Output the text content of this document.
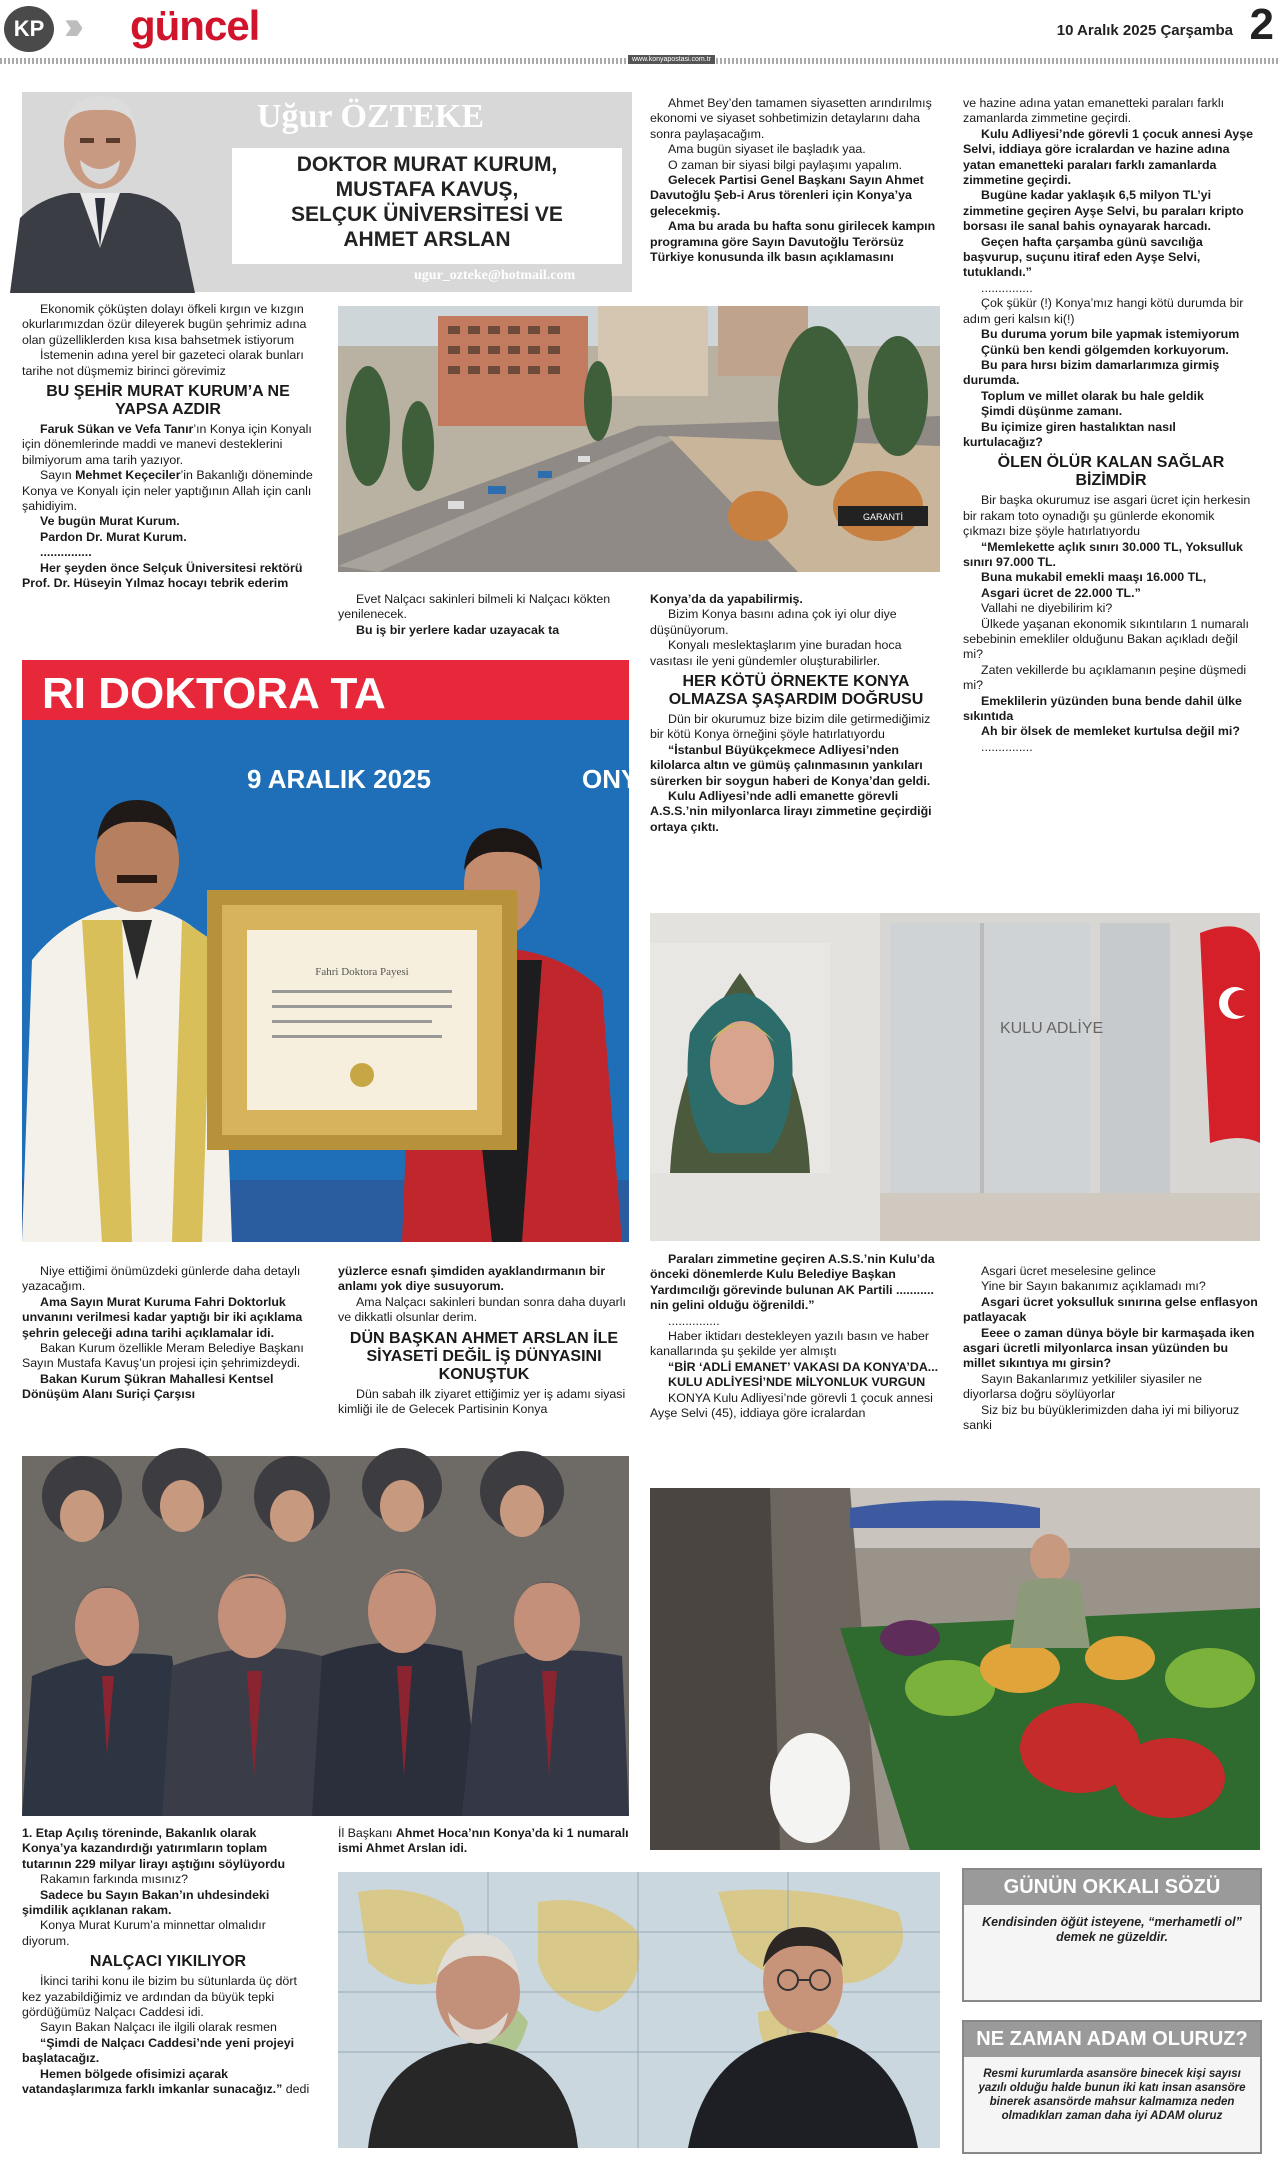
KP ››› güncel	10 Aralık 2025 Çarşamba 2
www.konyapostasi.com.tr
Uğur ÖZTEKE
DOKTOR MURAT KURUM,
MUSTAFA KAVUŞ,
SELÇUK ÜNİVERSİTESİ VE
AHMET ARSLAN
ugur_ozteke@hotmail.com

Ekonomik çöküşten dolayı öfkeli kırgın ve kızgın okurlarımızdan özür dileyerek bugün şehrimiz adına olan güzelliklerden kısa kısa bahsetmek istiyorum

İstemenin adına yerel bir gazeteci olarak bunları tarihe not düşmemiz birinci görevimiz

BU ŞEHİR MURAT KURUM’A NE YAPSA AZDIR

Faruk Sükan ve Vefa Tanır’ın Konya için Konyalı için dönemlerinde maddi ve manevi desteklerini bilmiyorum ama tarih yazıyor.

Sayın Mehmet Keçeciler’in Bakanlığı döneminde Konya ve Konyalı için neler yaptığının Allah için canlı şahidiyim.

Ve bugün Murat Kurum.

Pardon Dr. Murat Kurum.

...............

Her şeyden önce Selçuk Üniversitesi rektörü Prof. Dr. Hüseyin Yılmaz hocayı tebrik ederim

Ahmet Bey’den tamamen siyasetten arındırılmış ekonomi ve siyaset sohbetimizin detaylarını daha sonra paylaşacağım.

Ama bugün siyaset ile başladık yaa.

O zaman bir siyasi bilgi paylaşımı yapalım.

Gelecek Partisi Genel Başkanı Sayın Ahmet Davutoğlu Şeb-i Arus törenleri için Konya’ya gelecekmiş.

Ama bu arada bu hafta sonu girilecek kampın programına göre Sayın Davutoğlu Terörsüz Türkiye konusunda ilk basın açıklamasını

ve hazine adına yatan emanetteki paraları farklı zamanlarda zimmetine geçirdi.

Kulu Adliyesi’nde görevli 1 çocuk annesi Ayşe Selvi, iddiaya göre icralardan ve hazine adına yatan emanetteki paraları farklı zamanlarda zimmetine geçirdi.

Bugüne kadar yaklaşık 6,5 milyon TL’yi zimmetine geçiren Ayşe Selvi, bu paraları kripto borsası ile sanal bahis oynayarak harcadı.

Geçen hafta çarşamba günü savcılığa başvurup, suçunu itiraf eden Ayşe Selvi, tutuklandı.”

...............

Çok şükür (!) Konya’mız hangi kötü durumda bir adım geri kalsın ki(!)

Bu duruma yorum bile yapmak istemiyorum

Çünkü ben kendi gölgemden korkuyorum.

Bu para hırsı bizim damarlarımıza girmiş durumda.

Toplum ve millet olarak bu hale geldik

Şimdi düşünme zamanı.

Bu içimize giren hastalıktan nasıl kurtulacağız?

ÖLEN ÖLÜR KALAN SAĞLAR BİZİMDİR

Bir başka okurumuz ise asgari ücret için herkesin bir rakam toto oynadığı şu günlerde ekonomik çıkmazı bize şöyle hatırlatıyordu

“Memlekette açlık sınırı 30.000 TL, Yoksulluk sınırı 97.000 TL.

Buna mukabil emekli maaşı 16.000 TL,

Asgari ücret de 22.000 TL.”

Vallahi ne diyebilirim ki?

Ülkede yaşanan ekonomik sıkıntıların 1 numaralı sebebinin emekliler olduğunu Bakan açıkladı değil mi?

Zaten vekillerde bu açıklamanın peşine düşmedi mi?

Emeklilerin yüzünden buna bende dahil ülke sıkıntıda

Ah bir ölsek de memleket kurtulsa değil mi?

...............

GARANTİ

Evet Nalçacı sakinleri bilmeli ki Nalçacı kökten yenilenecek.

Bu iş bir yerlere kadar uzayacak ta

Konya’da da yapabilirmiş.

Bizim Konya basını adına çok iyi olur diye düşünüyorum.

Konyalı meslektaşlarım yine buradan hoca vasıtası ile yeni gündemler oluşturabilirler.

HER KÖTÜ ÖRNEKTE KONYA OLMAZSA ŞAŞARDIM DOĞRUSU

Dün bir okurumuz bize bizim dile getirmediğimiz bir kötü Konya örneğini şöyle hatırlatıyordu

“İstanbul Büyükçekmece Adliyesi’nden kilolarca altın ve gümüş çalınmasının yankıları sürerken bir soygun haberi de Konya’dan geldi.

Kulu Adliyesi’nde adli emanette görevli A.S.S.’nin milyonlarca lirayı zimmetine geçirdiği ortaya çıktı.

RI DOKTORA TA
9 ARALIK 2025	ONY
Fahri Doktora Payesi
KULU ADLİYE

Niye ettiğimi önümüzdeki günlerde daha detaylı yazacağım.

Ama Sayın Murat Kuruma Fahri Doktorluk unvanını verilmesi kadar yaptığı bir iki açıklama şehrin geleceği adına tarihi açıklamalar idi.

Bakan Kurum özellikle Meram Belediye Başkanı Sayın Mustafa Kavuş’un projesi için şehrimizdeydi.

Bakan Kurum Şükran Mahallesi Kentsel Dönüşüm Alanı Suriçi Çarşısı

yüzlerce esnafı şimdiden ayaklandırmanın bir anlamı yok diye susuyorum.

Ama Nalçacı sakinleri bundan sonra daha duyarlı ve dikkatli olsunlar derim.

DÜN BAŞKAN AHMET ARSLAN İLE SİYASETİ DEĞİL İŞ DÜNYASINI KONUŞTUK

Dün sabah ilk ziyaret ettiğimiz yer iş adamı siyasi kimliği ile de Gelecek Partisinin Konya

Paraları zimmetine geçiren A.S.S.’nin Kulu’da önceki dönemlerde Kulu Belediye Başkan Yardımcılığı görevinde bulunan AK Partili ........... nin gelini olduğu öğrenildi.”

...............

Haber iktidarı destekleyen yazılı basın ve haber kanallarında şu şekilde yer almıştı

“BİR ‘ADLİ EMANET’ VAKASI DA KONYA’DA...

KULU ADLİYESİ’NDE MİLYONLUK VURGUN

KONYA Kulu Adliyesi’nde görevli 1 çocuk annesi Ayşe Selvi (45), iddiaya göre icralardan

Asgari ücret meselesine gelince

Yine bir Sayın bakanımız açıklamadı mı?

Asgari ücret yoksulluk sınırına gelse enflasyon patlayacak

Eeee o zaman dünya böyle bir karmaşada iken asgari ücretli milyonlarca insan yüzünden bu millet sıkıntıya mı girsin?

Sayın Bakanlarımız yetkililer siyasiler ne diyorlarsa doğru söylüyorlar

Siz biz bu büyüklerimizden daha iyi mi biliyoruz sanki

1. Etap Açılış töreninde, Bakanlık olarak Konya’ya kazandırdığı yatırımların toplam tutarının 229 milyar lirayı aştığını söylüyordu

Rakamın farkında mısınız?

Sadece bu Sayın Bakan’ın uhdesindeki şimdilik açıklanan rakam.

Konya Murat Kurum’a minnettar olmalıdır diyorum.

NALÇACI YIKILIYOR

İkinci tarihi konu ile bizim bu sütunlarda üç dört kez yazabildiğimiz ve ardından da büyük tepki gördüğümüz Nalçacı Caddesi idi.

Sayın Bakan Nalçacı ile ilgili olarak resmen

“Şimdi de Nalçacı Caddesi’nde yeni projeyi başlatacağız.

Hemen bölgede ofisimizi açarak vatandaşlarımıza farklı imkanlar sunacağız.” dedi

İl Başkanı Ahmet Hoca’nın Konya’da ki 1 numaralı ismi Ahmet Arslan idi.

GÜNÜN OKKALI SÖZÜ
Kendisinden öğüt isteyene, “merhametli ol” demek ne güzeldir.
NE ZAMAN ADAM OLURUZ?
Resmi kurumlarda asansöre binecek kişi sayısı yazılı olduğu halde bunun iki katı insan asansöre binerek asansörde mahsur kalmamıza neden olmadıkları zaman daha iyi ADAM oluruz
